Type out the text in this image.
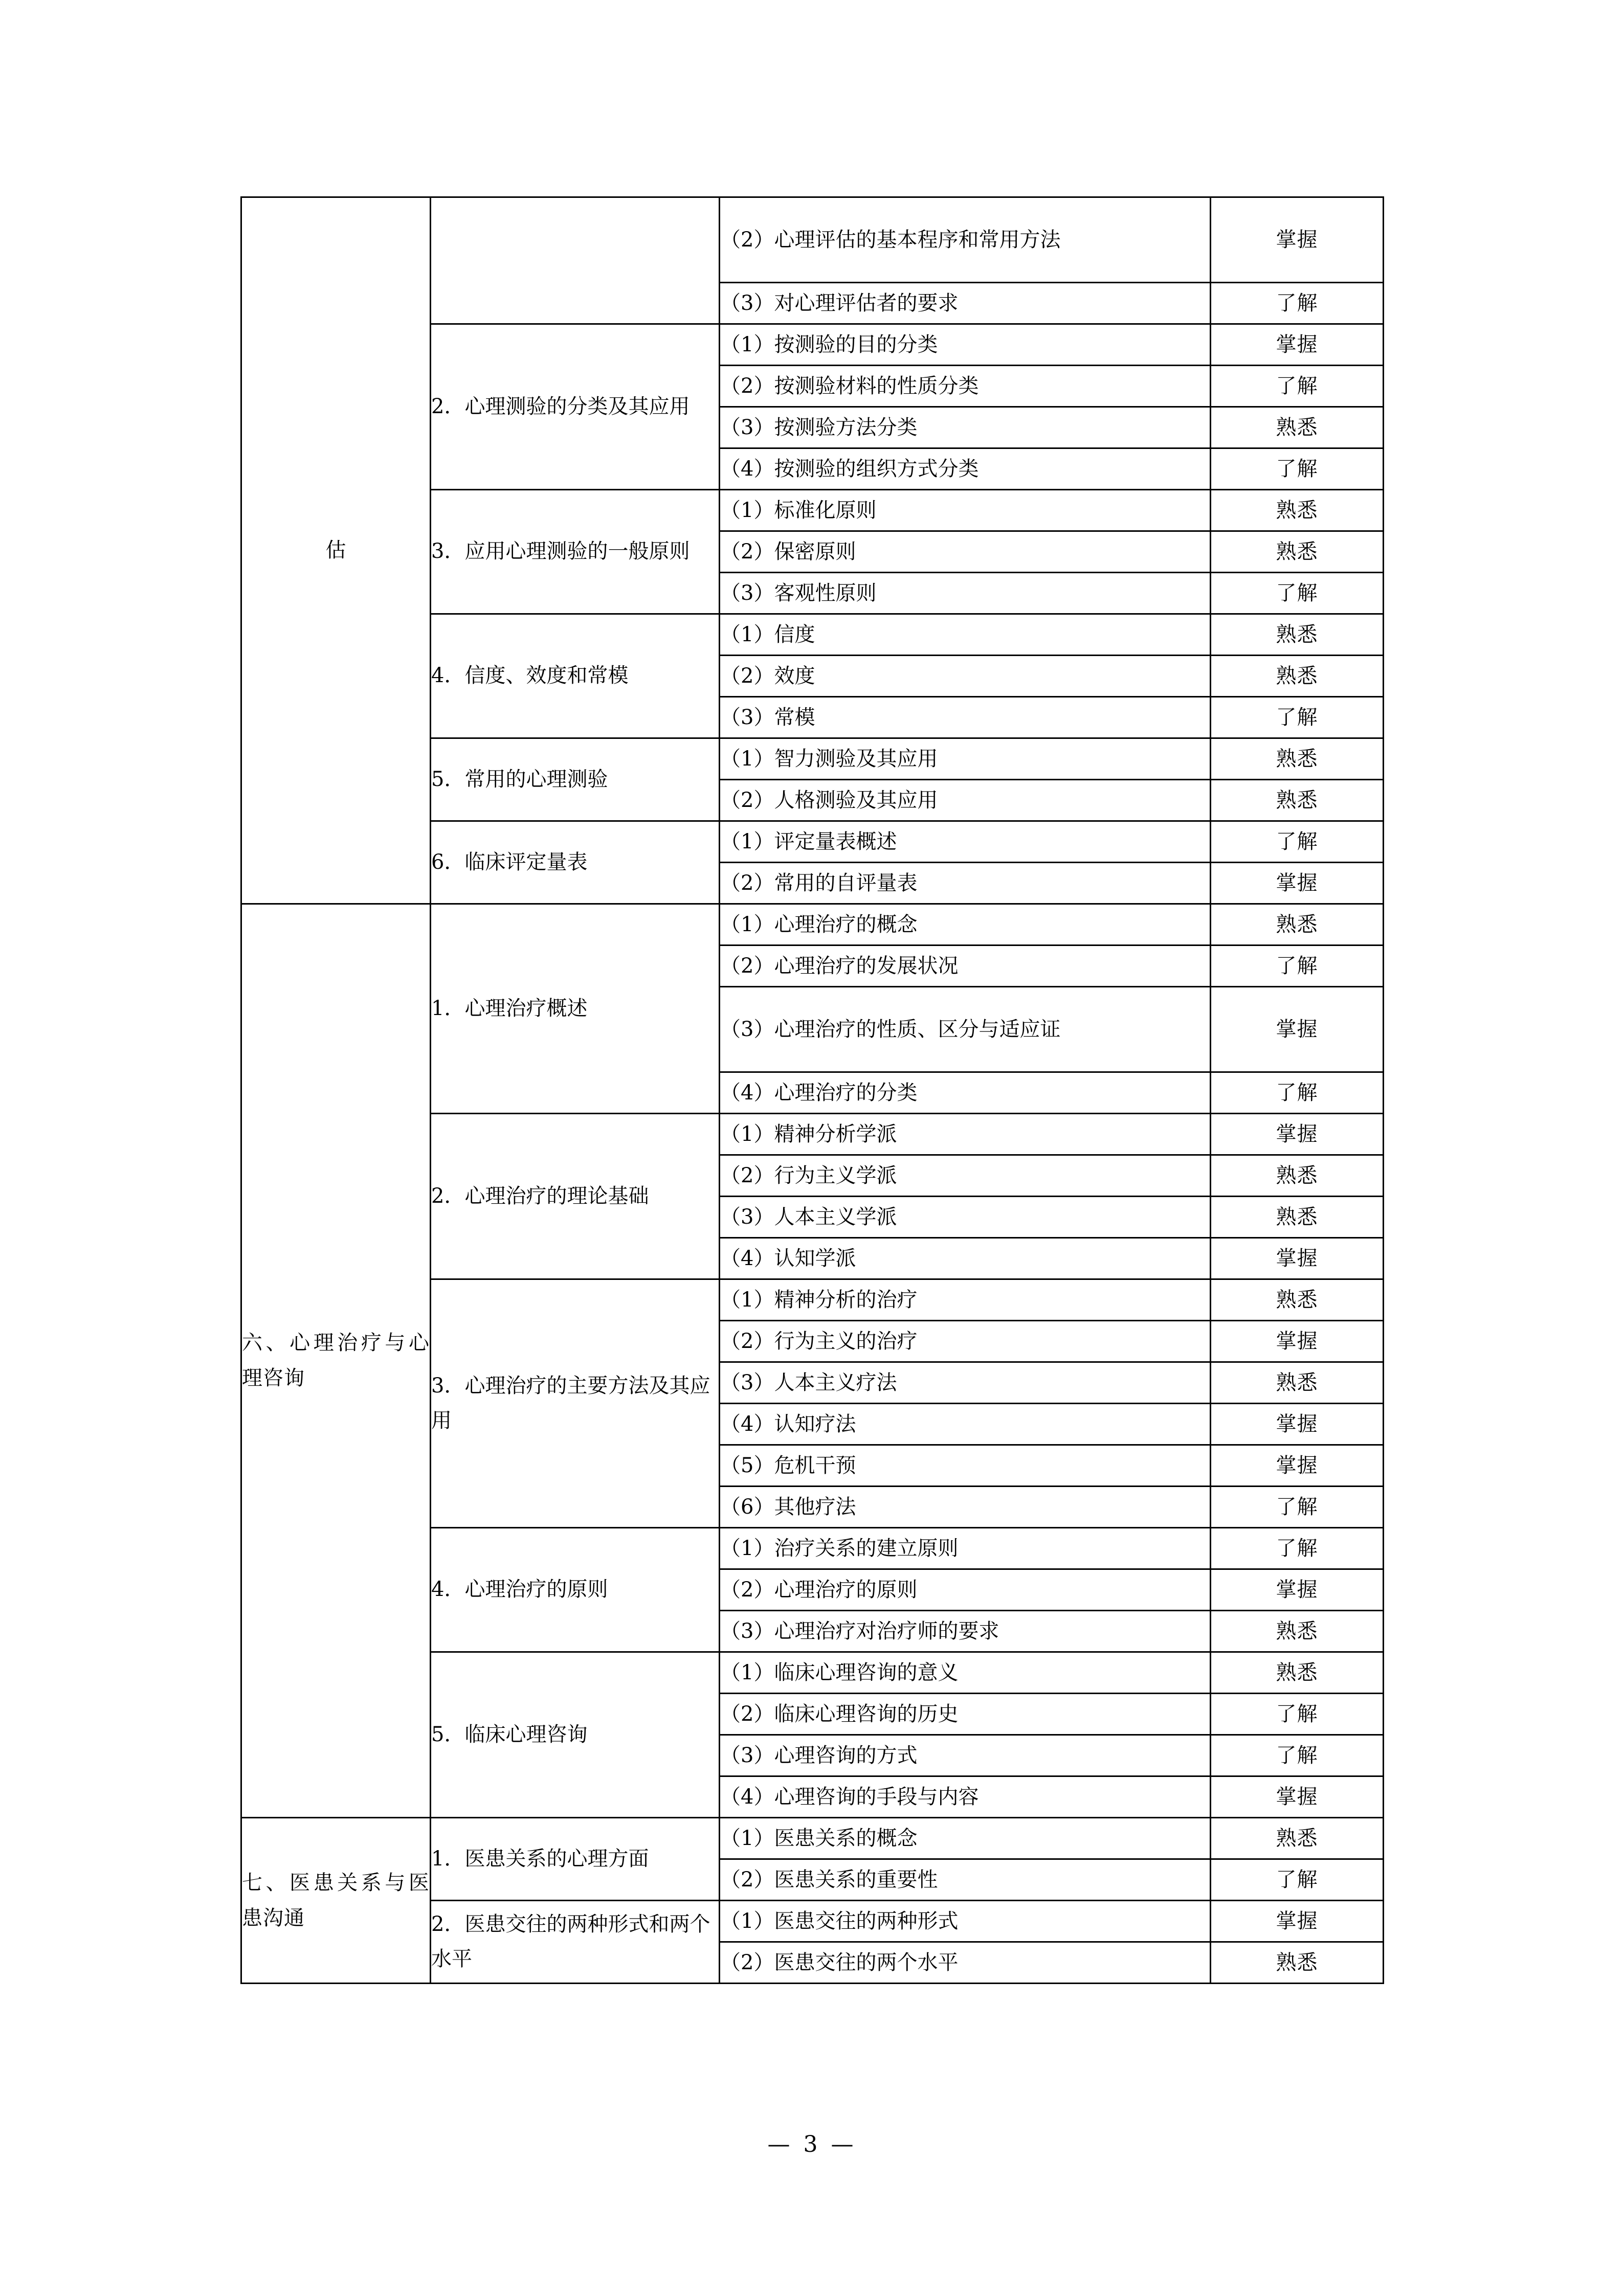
估		（2）心理评估的基本程序和常用方法	掌握

		（3）对心理评估者的要求	了解

	2．心理测验的分类及其应用	（1）按测验的目的分类	掌握

		（2）按测验材料的性质分类	了解

		（3）按测验方法分类	熟悉

		（4）按测验的组织方式分类	了解

	3．应用心理测验的一般原则	（1）标准化原则	熟悉

		（2）保密原则	熟悉

		（3）客观性原则	了解

	4．信度、效度和常模	（1）信度	熟悉

		（2）效度	熟悉

		（3）常模	了解

	5．常用的心理测验	（1）智力测验及其应用	熟悉

		（2）人格测验及其应用	熟悉

	6．临床评定量表	（1）评定量表概述	了解

		（2）常用的自评量表	掌握

六、心理治疗与心理咨询	1．心理治疗概述	（1）心理治疗的概念	熟悉

		（2）心理治疗的发展状况	了解

		（3）心理治疗的性质、区分与适应证	掌握

		（4）心理治疗的分类	了解

	2．心理治疗的理论基础	（1）精神分析学派	掌握

		（2）行为主义学派	熟悉

		（3）人本主义学派	熟悉

		（4）认知学派	掌握

	3．心理治疗的主要方法及其应用	（1）精神分析的治疗	熟悉

		（2）行为主义的治疗	掌握

		（3）人本主义疗法	熟悉

		（4）认知疗法	掌握

		（5）危机干预	掌握

		（6）其他疗法	了解

	4．心理治疗的原则	（1）治疗关系的建立原则	了解

		（2）心理治疗的原则	掌握

		（3）心理治疗对治疗师的要求	熟悉

	5．临床心理咨询	（1）临床心理咨询的意义	熟悉

		（2）临床心理咨询的历史	了解

		（3）心理咨询的方式	了解

		（4）心理咨询的手段与内容	掌握

七、医患关系与医患沟通	1．医患关系的心理方面	（1）医患关系的概念	熟悉

		（2）医患关系的重要性	了解

	2．医患交往的两种形式和两个水平	（1）医患交往的两种形式	掌握

		（2）医患交往的两个水平	熟悉
— 3 —
